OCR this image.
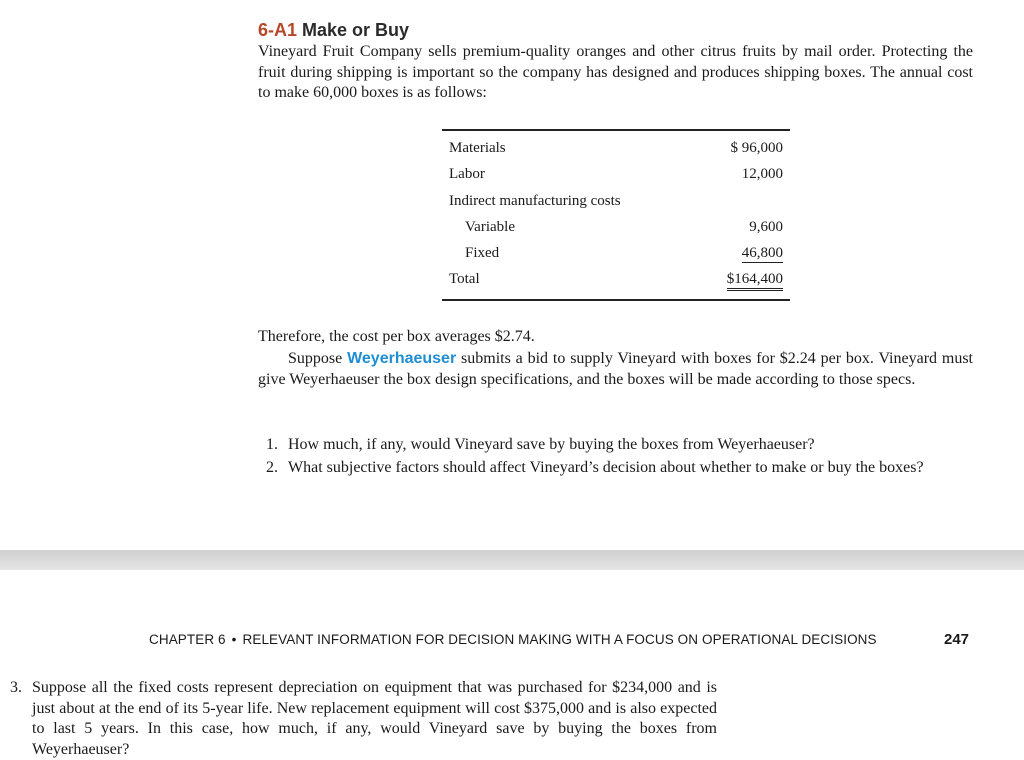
6-A1 Make or Buy

Vineyard Fruit Company sells premium-quality oranges and other citrus fruits by mail order. Protecting the fruit during shipping is important so the company has designed and produces shipping boxes. The annual cost to make 60,000 boxes is as follows:

Materials	$ 96,000
Labor	12,000
Indirect manufacturing costs
Variable	9,600
Fixed	46,800
Total	$164,400

Therefore, the cost per box averages $2.74.

Suppose Weyerhaeuser submits a bid to supply Vineyard with boxes for $2.24 per box. Vineyard must give Weyerhaeuser the box design specifications, and the boxes will be made according to those specs.

1. How much, if any, would Vineyard save by buying the boxes from Weyerhaeuser?
2. What subjective factors should affect Vineyard’s decision about whether to make or buy the boxes?
CHAPTER 6 • RELEVANT INFORMATION FOR DECISION MAKING WITH A FOCUS ON OPERATIONAL DECISIONS	247

3. Suppose all the fixed costs represent depreciation on equipment that was purchased for $234,000 and is just about at the end of its 5-year life. New replacement equipment will cost $375,000 and is also expected to last 5 years. In this case, how much, if any, would Vineyard save by buying the boxes from Weyerhaeuser?
